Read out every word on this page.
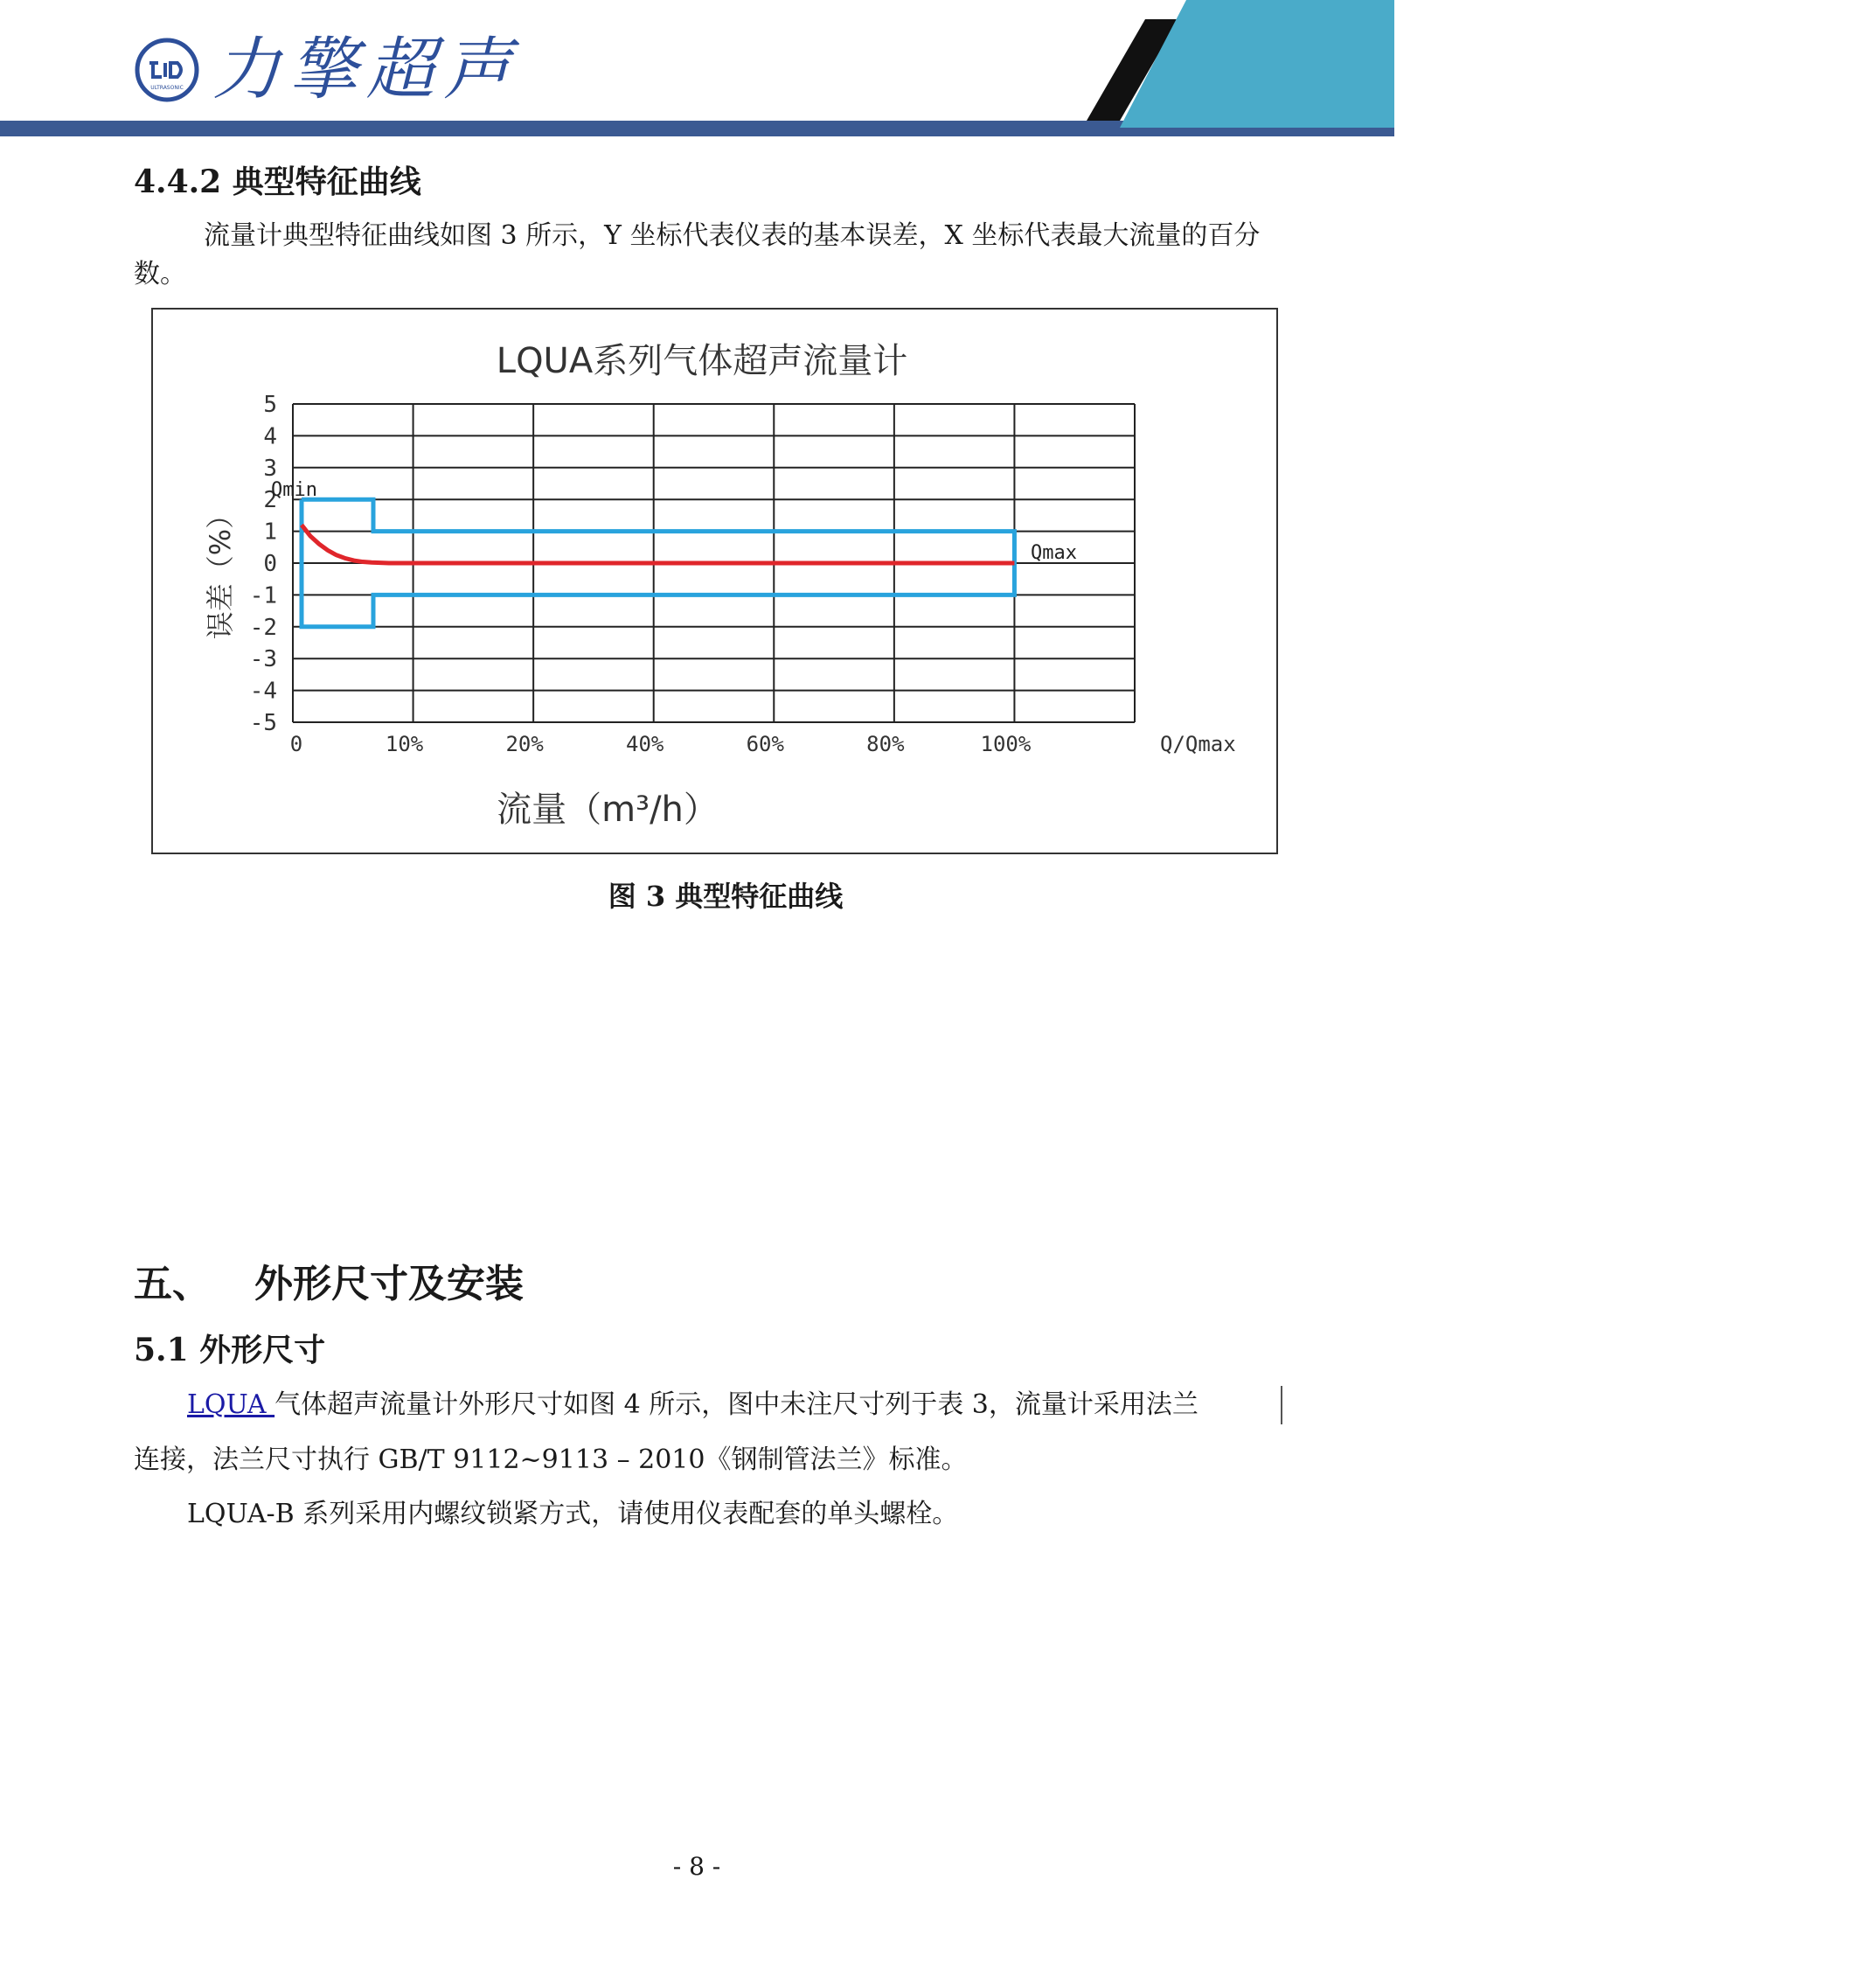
ULTRASONIC 力擎超声
4.4.2 典型特征曲线
流量计典型特征曲线如图 3 所示，Y 坐标代表仪表的基本误差，X 坐标代表最大流量的百分数。
LQUA系列气体超声流量计
5
4
3
2
1
0
-1
-2
-3
-4
-5
0	10%	20%	40%	60%	80%	100%
误差（%）
流量（m³/h）
Q/Qmax
Qmin
Qmax
图 3 典型特征曲线
五、 外形尺寸及安装
5.1 外形尺寸
LQUA 气体超声流量计外形尺寸如图 4 所示，图中未注尺寸列于表 3，流量计采用法兰
连接，法兰尺寸执行 GB/T 9112~9113 – 2010《钢制管法兰》标准。
LQUA-B 系列采用内螺纹锁紧方式，请使用仪表配套的单头螺栓。
- 8 -
